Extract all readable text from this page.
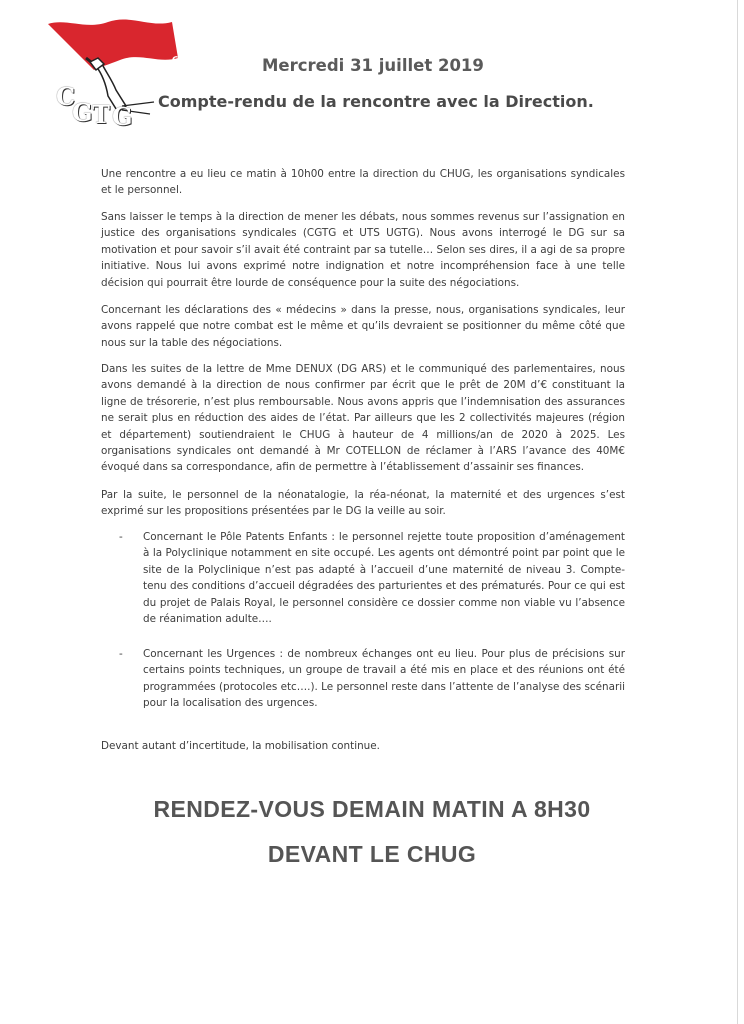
CHUG
C
G T G
Mercredi 31 juillet 2019
Compte-rendu de la rencontre avec la Direction.

Une rencontre a eu lieu ce matin à 10h00 entre la direction du CHUG, les organisations syndicales et le personnel.

Sans laisser le temps à la direction de mener les débats, nous sommes revenus sur l’assignation en justice des organisations syndicales (CGTG et UTS UGTG). Nous avons interrogé le DG sur sa motivation et pour savoir s’il avait été contraint par sa tutelle… Selon ses dires, il a agi de sa propre initiative. Nous lui avons exprimé notre indignation et notre incompréhension face à une telle décision qui pourrait être lourde de conséquence pour la suite des négociations.

Concernant les déclarations des « médecins » dans la presse, nous, organisations syndicales, leur avons rappelé que notre combat est le même et qu’ils devraient se positionner du même côté que nous sur la table des négociations.

Dans les suites de la lettre de Mme DENUX (DG ARS) et le communiqué des parlementaires, nous avons demandé à la direction de nous confirmer par écrit que le prêt de 20M d’€ constituant la ligne de trésorerie, n’est plus remboursable. Nous avons appris que l’indemnisation des assurances ne serait plus en réduction des aides de l’état. Par ailleurs que les 2 collectivités majeures (région et département) soutiendraient le CHUG à hauteur de 4 millions/an de 2020 à 2025. Les organisations syndicales ont demandé à Mr COTELLON de réclamer à l’ARS l’avance des 40M€ évoqué dans sa correspondance, afin de permettre à l’établissement d’assainir ses finances.

Par la suite, le personnel de la néonatalogie, la réa-néonat, la maternité et des urgences s’est exprimé sur les propositions présentées par le DG la veille au soir.

- Concernant le Pôle Patents Enfants : le personnel rejette toute proposition d’aménagement à la Polyclinique notamment en site occupé. Les agents ont démontré point par point que le site de la Polyclinique n’est pas adapté à l’accueil d’une maternité de niveau 3. Compte-tenu des conditions d’accueil dégradées des parturientes et des prématurés. Pour ce qui est du projet de Palais Royal, le personnel considère ce dossier comme non viable vu l’absence de réanimation adulte….

- Concernant les Urgences : de nombreux échanges ont eu lieu. Pour plus de précisions sur certains points techniques, un groupe de travail a été mis en place et des réunions ont été programmées (protocoles etc….). Le personnel reste dans l’attente de l’analyse des scénarii pour la localisation des urgences.

Devant autant d’incertitude, la mobilisation continue.

RENDEZ-VOUS DEMAIN MATIN A 8H30
DEVANT LE CHUG
